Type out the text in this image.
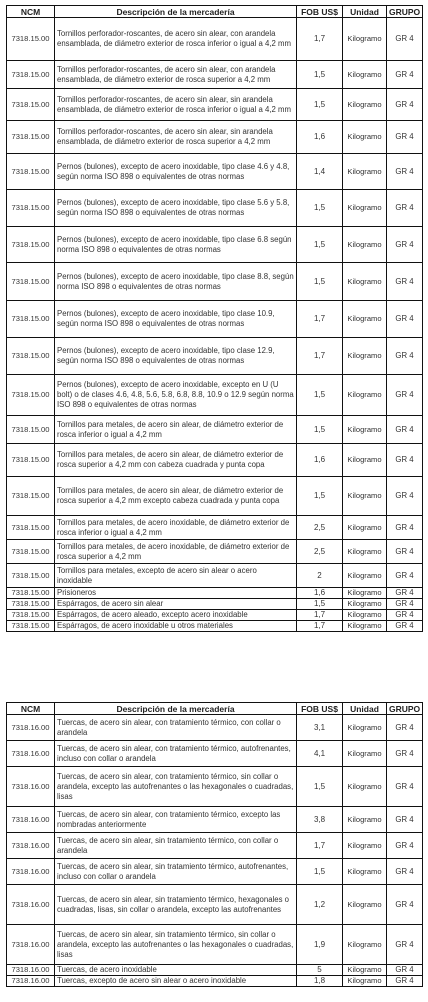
NCM	Descripción de la mercadería	FOB US$	Unidad	GRUPO
7318.15.00	Tornillos perforador-roscantes, de acero sin alear, con arandela ensamblada, de diámetro exterior de rosca inferior o igual a 4,2 mm	1,7	Kilogramo	GR 4
7318.15.00	Tornillos perforador-roscantes, de acero sin alear, con arandela ensamblada, de diámetro exterior de rosca superior a 4,2 mm	1,5	Kilogramo	GR 4
7318.15.00	Tornillos perforador-roscantes, de acero sin alear, sin arandela ensamblada, de diámetro exterior de rosca inferior o igual a 4,2 mm	1,5	Kilogramo	GR 4
7318.15.00	Tornillos perforador-roscantes, de acero sin alear, sin arandela ensamblada, de diámetro exterior de rosca superior a 4,2 mm	1,6	Kilogramo	GR 4
7318.15.00	Pernos (bulones), excepto de acero inoxidable, tipo clase 4.6 y 4.8, según norma ISO 898 o equivalentes de otras normas	1,4	Kilogramo	GR 4
7318.15.00	Pernos (bulones), excepto de acero inoxidable, tipo clase 5.6 y 5.8, según norma ISO 898 o equivalentes de otras normas	1,5	Kilogramo	GR 4
7318.15.00	Pernos (bulones), excepto de acero inoxidable, tipo clase 6.8 según norma ISO 898 o equivalentes de otras normas	1,5	Kilogramo	GR 4
7318.15.00	Pernos (bulones), excepto de acero inoxidable, tipo clase 8.8, según norma ISO 898 o equivalentes de otras normas	1,5	Kilogramo	GR 4
7318.15.00	Pernos (bulones), excepto de acero inoxidable, tipo clase 10.9, según norma ISO 898 o equivalentes de otras normas	1,7	Kilogramo	GR 4
7318.15.00	Pernos (bulones), excepto de acero inoxidable, tipo clase 12.9, según norma ISO 898 o equivalentes de otras normas	1,7	Kilogramo	GR 4
7318.15.00	Pernos (bulones), excepto de acero inoxidable, excepto en U (U bolt) o de clases 4.6, 4.8, 5.6, 5.8, 6.8, 8.8, 10.9 o 12.9 según norma ISO 898 o equivalentes de otras normas	1,5	Kilogramo	GR 4
7318.15.00	Tornillos para metales, de acero sin alear, de diámetro exterior de rosca inferior o igual a 4,2 mm	1,5	Kilogramo	GR 4
7318.15.00	Tornillos para metales, de acero sin alear, de diámetro exterior de rosca superior a 4,2 mm con cabeza cuadrada y punta copa	1,6	Kilogramo	GR 4
7318.15.00	Tornillos para metales, de acero sin alear, de diámetro exterior de rosca superior a 4,2 mm excepto cabeza cuadrada y punta copa	1,5	Kilogramo	GR 4
7318.15.00	Tornillos para metales, de acero inoxidable, de diámetro exterior de rosca inferior o igual a 4,2 mm	2,5	Kilogramo	GR 4
7318.15.00	Tornillos para metales, de acero inoxidable, de diámetro exterior de rosca superior a 4,2 mm	2,5	Kilogramo	GR 4
7318.15.00	Tornillos para metales, excepto de acero sin alear o acero inoxidable	2	Kilogramo	GR 4
7318.15.00	Prisioneros	1,6	Kilogramo	GR 4
7318.15.00	Espárragos, de acero sin alear	1,5	Kilogramo	GR 4
7318.15.00	Espárragos, de acero aleado, excepto acero inoxidable	1,7	Kilogramo	GR 4
7318.15.00	Espárragos, de acero inoxidable u otros materiales	1,7	Kilogramo	GR 4
NCM	Descripción de la mercadería	FOB US$	Unidad	GRUPO
7318.16.00	Tuercas, de acero sin alear, con tratamiento térmico, con collar o arandela	3,1	Kilogramo	GR 4
7318.16.00	Tuercas, de acero sin alear, con tratamiento térmico, autofrenantes, incluso con collar o arandela	4,1	Kilogramo	GR 4
7318.16.00	Tuercas, de acero sin alear, con tratamiento térmico, sin collar o arandela, excepto las autofrenantes o las hexagonales o cuadradas, lisas	1,5	Kilogramo	GR 4
7318.16.00	Tuercas, de acero sin alear, con tratamiento térmico, excepto las nombradas anteriormente	3,8	Kilogramo	GR 4
7318.16.00	Tuercas, de acero sin alear, sin tratamiento térmico, con collar o arandela	1,7	Kilogramo	GR 4
7318.16.00	Tuercas, de acero sin alear, sin tratamiento térmico, autofrenantes, incluso con collar o arandela	1,5	Kilogramo	GR 4
7318.16.00	Tuercas, de acero sin alear, sin tratamiento térmico, hexagonales o cuadradas, lisas, sin collar o arandela, excepto las autofrenantes	1,2	Kilogramo	GR 4
7318.16.00	Tuercas, de acero sin alear, sin tratamiento térmico, sin collar o arandela, excepto las autofrenantes o las hexagonales o cuadradas, lisas	1,9	Kilogramo	GR 4
7318.16.00	Tuercas, de acero inoxidable	5	Kilogramo	GR 4
7318.16.00	Tuercas, excepto de acero sin alear o acero inoxidable	1,8	Kilogramo	GR 4
